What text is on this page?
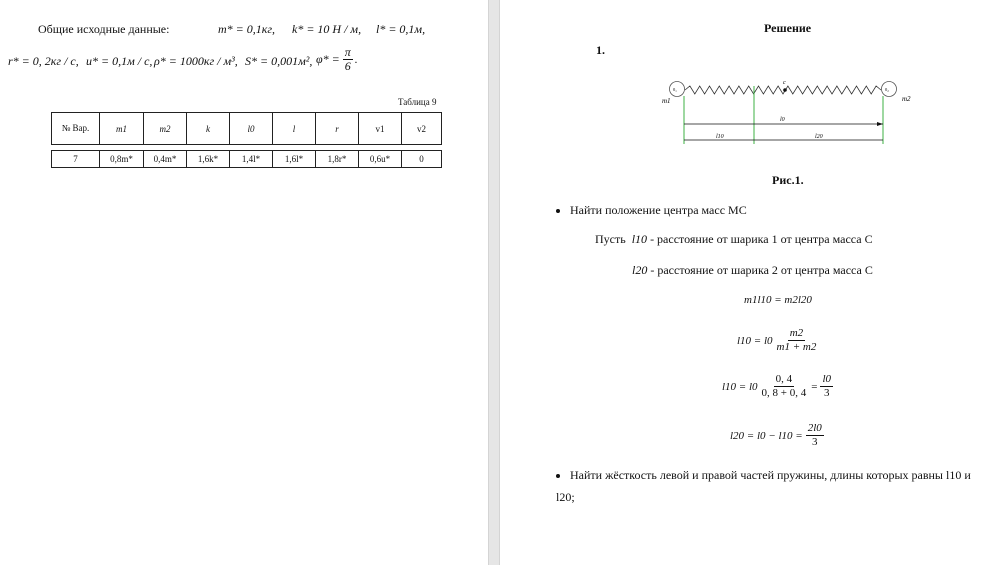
Общие исходные данные:	m* = 0,1кг, k* = 10 H / м, l* = 0,1м,
r* = 0, 2кг / с, u* = 0,1м / с, ρ* = 1000кг / м³, S* = 0,001м², $\varphi* = \frac{\pi}{6}$ .
Таблица 9
№ Вар.	m1	m2	k	l0	l	r	v1	v2

7	0,8m*	0,4m*	1,6k*	1,4l*	1,6l*	1,8r*	0,6u*	0
Решение
1.
m1	m2
c
0₁	0₂
l0
l10	l20
Рис.1.
Найти положение центра масс МС
Пусть l10 - расстояние от шарика 1 от центра масса С
l20 - расстояние от шарика 2 от центра масса С
m1l10 = m2l20
$l10 = l0 \frac{m2}{m1 + m2}$
$l10 = l0 \frac{0, 4}{0, 8 + 0, 4} = \frac{l0}{3}$
$l20 = l0 - l10 = \frac{2l0}{3}$
Найти жёсткость левой и правой частей пружины, длины которых равны l10 и
l20;
